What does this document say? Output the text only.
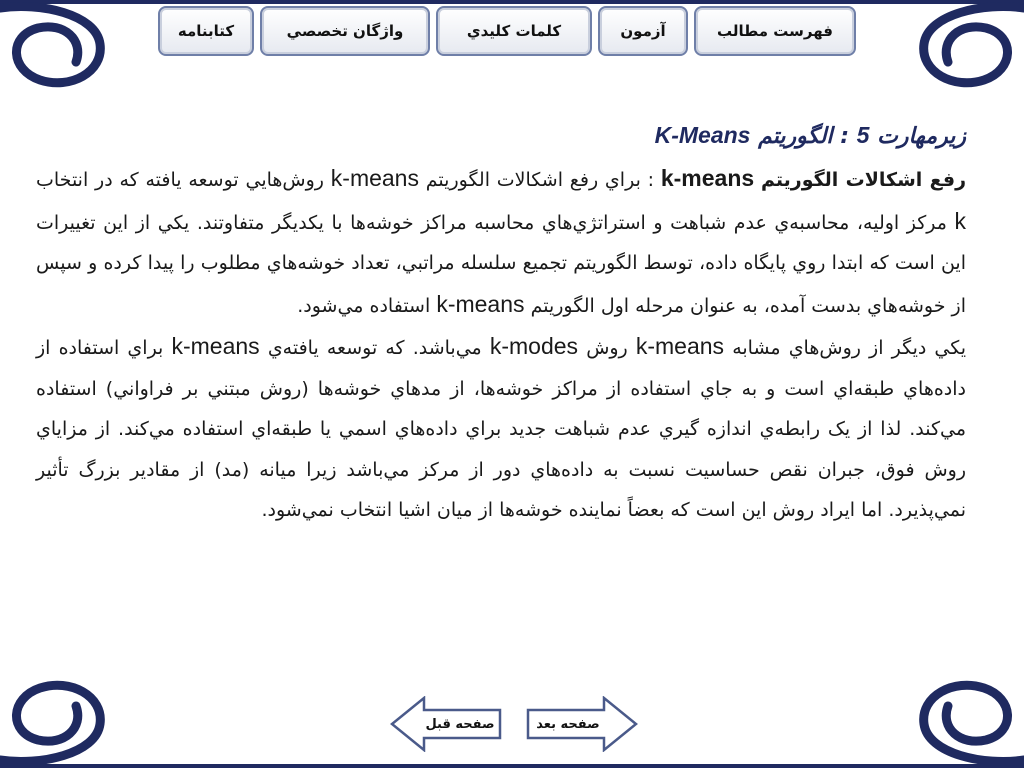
فهرست مطالب
آزمون
کلمات کليدي
واژگان تخصصي
کتابنامه
زيرمهارت 5 : الگوريتم K-Means

رفع اشکالات الگوريتم k-means : براي رفع اشکالات الگوريتم k-means روش‌هايي توسعه يافته که در انتخاب k مرکز اوليه، محاسبه‌ي عدم شباهت و استراتژي‌هاي محاسبه مراکز خوشه‌ها با يکديگر متفاوتند. يکي از اين تغييرات اين است که ابتدا روي پايگاه داده، توسط الگوريتم تجميع سلسله مراتبي، تعداد خوشه‌هاي مطلوب را پيدا کرده و سپس از خوشه‌هاي بدست آمده، به عنوان مرحله اول الگوريتم k-means استفاده مي‌شود.

يکي ديگر از روش‌هاي مشابه k-means روش k-modes مي‌باشد. که توسعه يافته‌ي k-means براي استفاده از داده‌هاي طبقه‌اي است و به جاي استفاده از مراکز خوشه‌ها، از مدهاي خوشه‌ها (روش مبتني بر فراواني) استفاده مي‌کند. لذا از يک رابطه‌ي اندازه گيري عدم شباهت جديد براي داده‌هاي اسمي يا طبقه‌اي استفاده مي‌کند. از مزاياي روش فوق، جبران نقص حساسيت نسبت به داده‌هاي دور از مرکز مي‌باشد زيرا ميانه (مد) از مقادير بزرگ تأثير نمي‌پذيرد. اما ايراد روش اين است که بعضاً نماينده خوشه‌ها از ميان اشيا انتخاب نمي‌شود.

صفحه بعد
صفحه قبل
